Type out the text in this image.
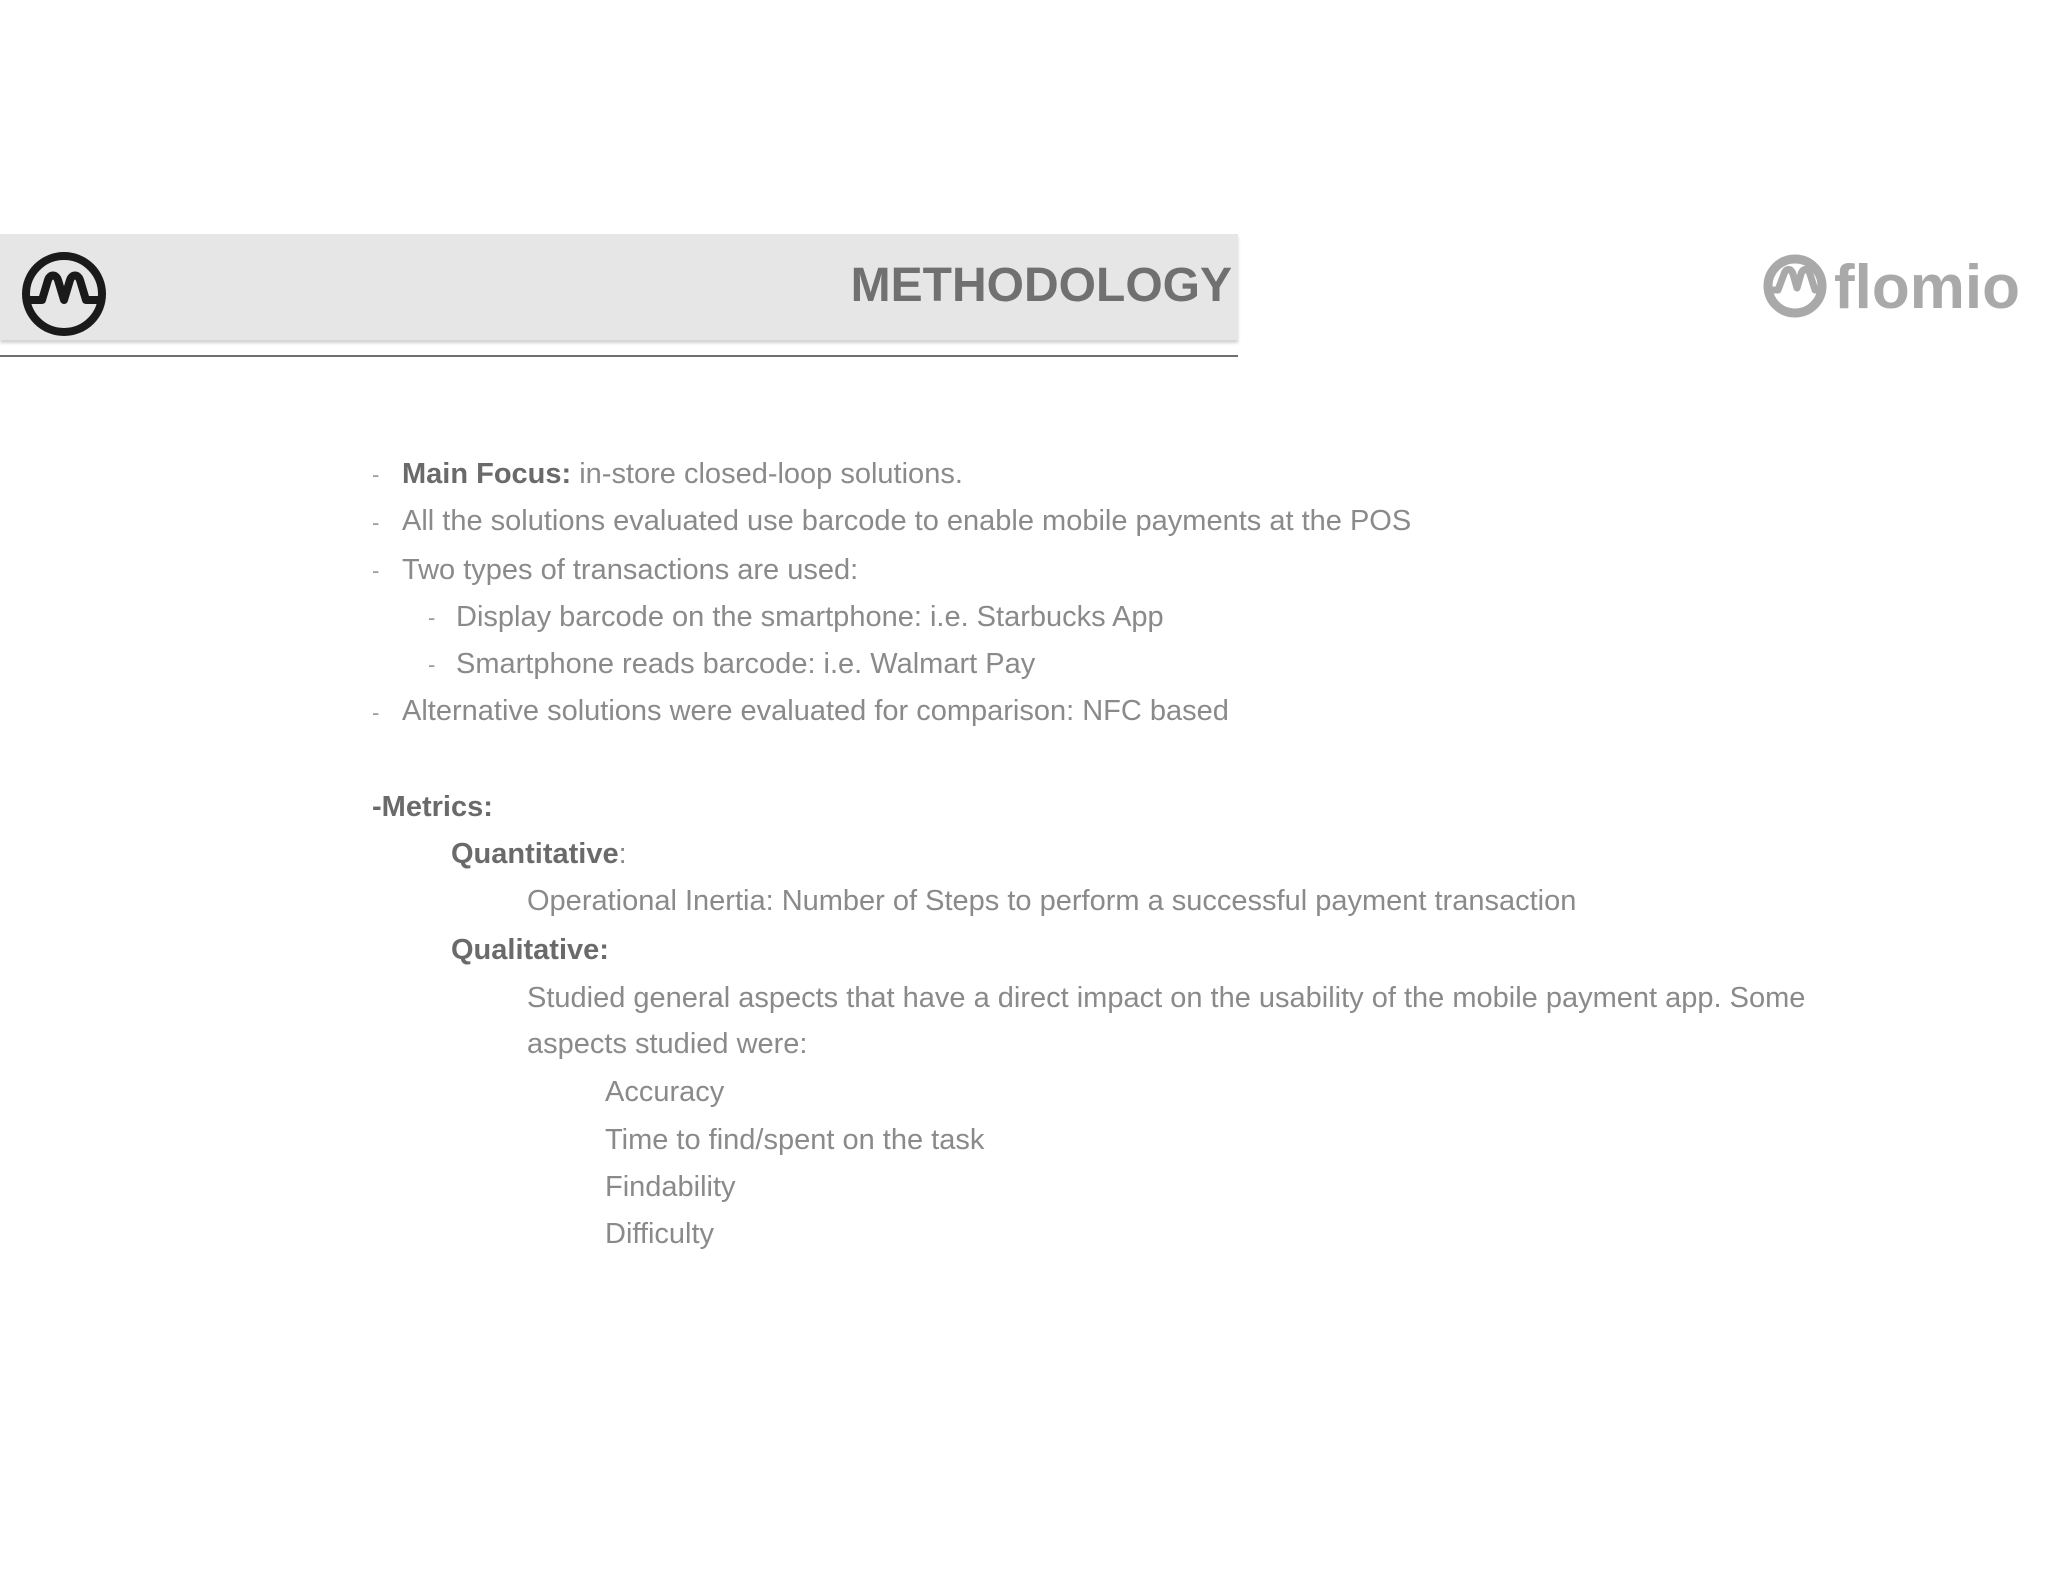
METHODOLOGY	flomio
- Main Focus: in-store closed-loop solutions.
- All the solutions evaluated use barcode to enable mobile payments at the POS
- Two types of transactions are used:
- Display barcode on the smartphone: i.e. Starbucks App
- Smartphone reads barcode: i.e. Walmart Pay
- Alternative solutions were evaluated for comparison: NFC based
-Metrics:
Quantitative:
Operational Inertia: Number of Steps to perform a successful payment transaction
Qualitative:
Studied general aspects that have a direct impact on the usability of the mobile payment app. Some
aspects studied were:
Accuracy
Time to find/spent on the task
Findability
Difficulty
